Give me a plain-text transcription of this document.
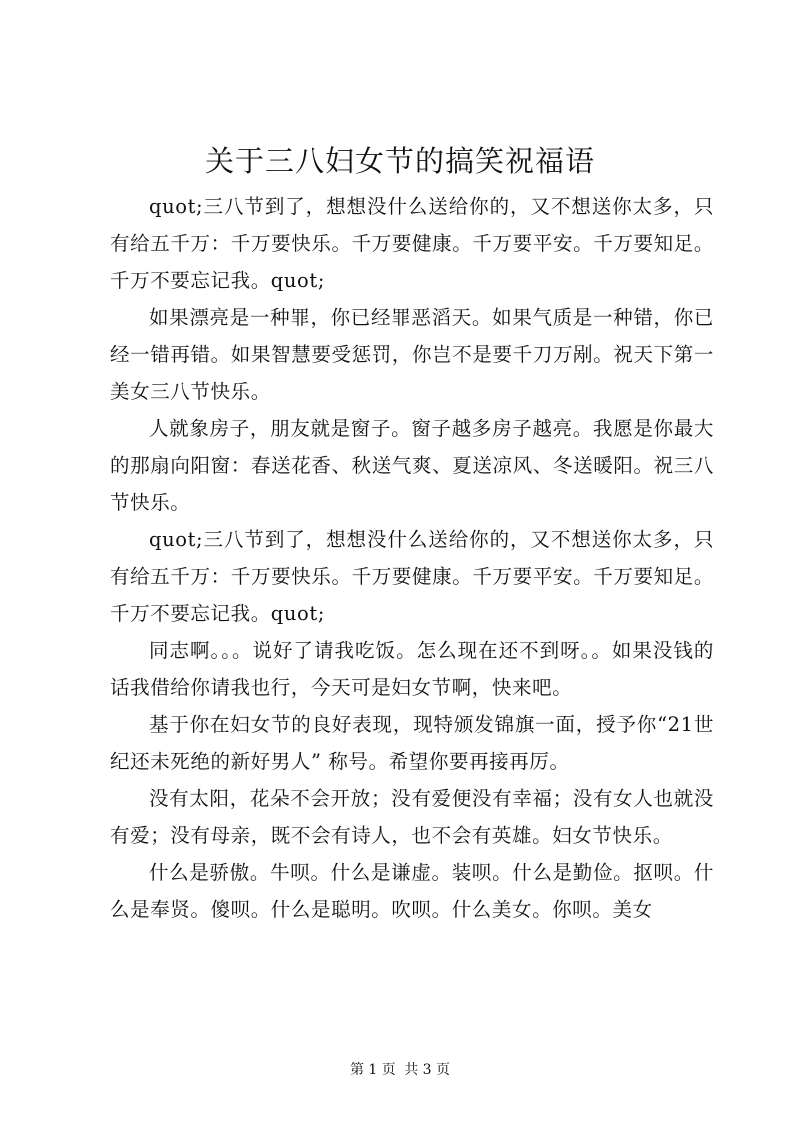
关于三八妇女节的搞笑祝福语

quot;三八节到了，想想没什么送给你的，又不想送你太多，只有给五千万：千万要快乐。千万要健康。千万要平安。千万要知足。千万不要忘记我。quot;

如果漂亮是一种罪，你已经罪恶滔天。如果气质是一种错，你已经一错再错。如果智慧要受惩罚，你岂不是要千刀万剐。祝天下第一美女三八节快乐。

人就象房子，朋友就是窗子。窗子越多房子越亮。我愿是你最大的那扇向阳窗：春送花香、秋送气爽、夏送凉风、冬送暖阳。祝三八节快乐。

quot;三八节到了，想想没什么送给你的，又不想送你太多，只有给五千万：千万要快乐。千万要健康。千万要平安。千万要知足。千万不要忘记我。quot;

同志啊。。。说好了请我吃饭。怎么现在还不到呀。。如果没钱的话我借给你请我也行，今天可是妇女节啊，快来吧。

基于你在妇女节的良好表现，现特颁发锦旗一面，授予你“21世纪还未死绝的新好男人” 称号。希望你要再接再厉。

没有太阳，花朵不会开放；没有爱便没有幸福；没有女人也就没有爱；没有母亲，既不会有诗人，也不会有英雄。妇女节快乐。

什么是骄傲。牛呗。什么是谦虚。装呗。什么是勤俭。抠呗。什么是奉贤。傻呗。什么是聪明。吹呗。什么美女。你呗。美女

第 1 页 共 3 页
